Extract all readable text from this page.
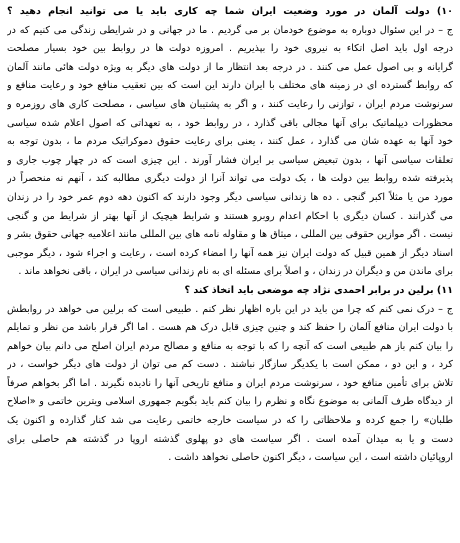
۱۰) دولت آلمان در مورد وضعیت ایران شما چه کاری باید یا می توانید انجام دهید ؟
ج – در این سئوال دوباره به موضوع خودمان بر می گردیم . ما در جهانی و در شرایطی زندگی می کنیم که در
درجه اول باید اصل اتکاء به نیروی خود را بپذیریم . امروزه دولت ها در روابط بین خود بسیار مصلحت
گرایانه و بی اصول عمل می کنند . در درجه بعد انتظار ما از دولت های دیگر به ویژه دولت هائی مانند آلمان
که روابط گسترده ای در زمینه های مختلف با ایران دارند این است که بین تعقیب منافع خود و رعایت منافع و
سرنوشت مردم ایران ، توازنی را رعایت کنند ، و اگر به پشتیبان های سیاسی ، مصلحت کاری های روزمره و
محظورات دیپلماتیک برای آنها مجالی باقی گذارد ، در روابط خود ، به تعهداتی که اصول اعلام شده سیاسی
خود آنها به عهده شان می گذارد ، عمل کنند ، یعنی برای رعایت حقوق دموکراتیک مردم ما ، بدون توجه به
تعلقات سیاسی آنها ، بدون تبعیض سیاسی بر ایران فشار آورند . این چیزی است که در چهار چوب جاری و
پذیرفته شده روابط بین دولت ها ، یک دولت می تواند آنرا از دولت دیگری مطالبه کند ، آنهم نه منحصراً در
مورد من یا مثلاً اکبر گنجی . ده ها زندانی سیاسی دیگر وجود دارند که اکنون دهه دوم عمر خود را در زندان
می گذرانند . کسان دیگری با احکام اعدام روبرو هستند و شرایط هیچیک از آنها بهتر از شرایط من و گنجی
نیست . اگر موازین حقوقی بین المللی ، میثاق ها و مقاوله نامه های بین المللی مانند اعلامیه جهانی حقوق بشر و
اسناد دیگر از همین قبیل که دولت ایران نیز همه آنها را امضاء کرده است ، رعایت و اجراء شود ، دیگر موجبی
برای ماندن من و دیگران در زندان ، و اصلاً برای مسئله ای به نام زندانی سیاسی در ایران ، باقی نخواهد ماند .
۱۱) برلین در برابر احمدی نژاد چه موضعی باید اتخاذ کند ؟
ج – درک نمی کنم که چرا من باید در این باره اظهار نظر کنم . طبیعی است که برلین می خواهد در روابطش
با دولت ایران منافع آلمان را حفظ کند و چنین چیزی قابل درک هم هست . اما اگر قرار باشد من نظر و تمایلم
را بیان کنم باز هم طبیعی است که آنچه را که با توجه به منافع و مصالح مردم ایران اصلح می دانم بیان خواهم
کرد ، و این دو ، ممکن است با یکدیگر سازگار نباشند . دست کم می توان از دولت های دیگر خواست ، در
تلاش برای تأمین منافع خود ، سرنوشت مردم ایران و منافع تاریخی آنها را نادیده نگیرند . اما اگر بخواهم صرفاً
از دیدگاه طرف آلمانی به موضوع نگاه و نظرم را بیان کنم باید بگویم جمهوری اسلامی ویترین خاتمی و «اصلاح
طلبان» را جمع کرده و ملاحظاتی را که در سیاست خارجه خاتمی رعایت می شد کنار گذارده و اکنون یک
دست و یا به میدان آمده است . اگر سیاست های دو پهلوی گذشته اروپا در گذشته هم حاصلی برای
اروپائیان داشته است ، این سیاست ، دیگر اکنون حاصلی نخواهد داشت .
